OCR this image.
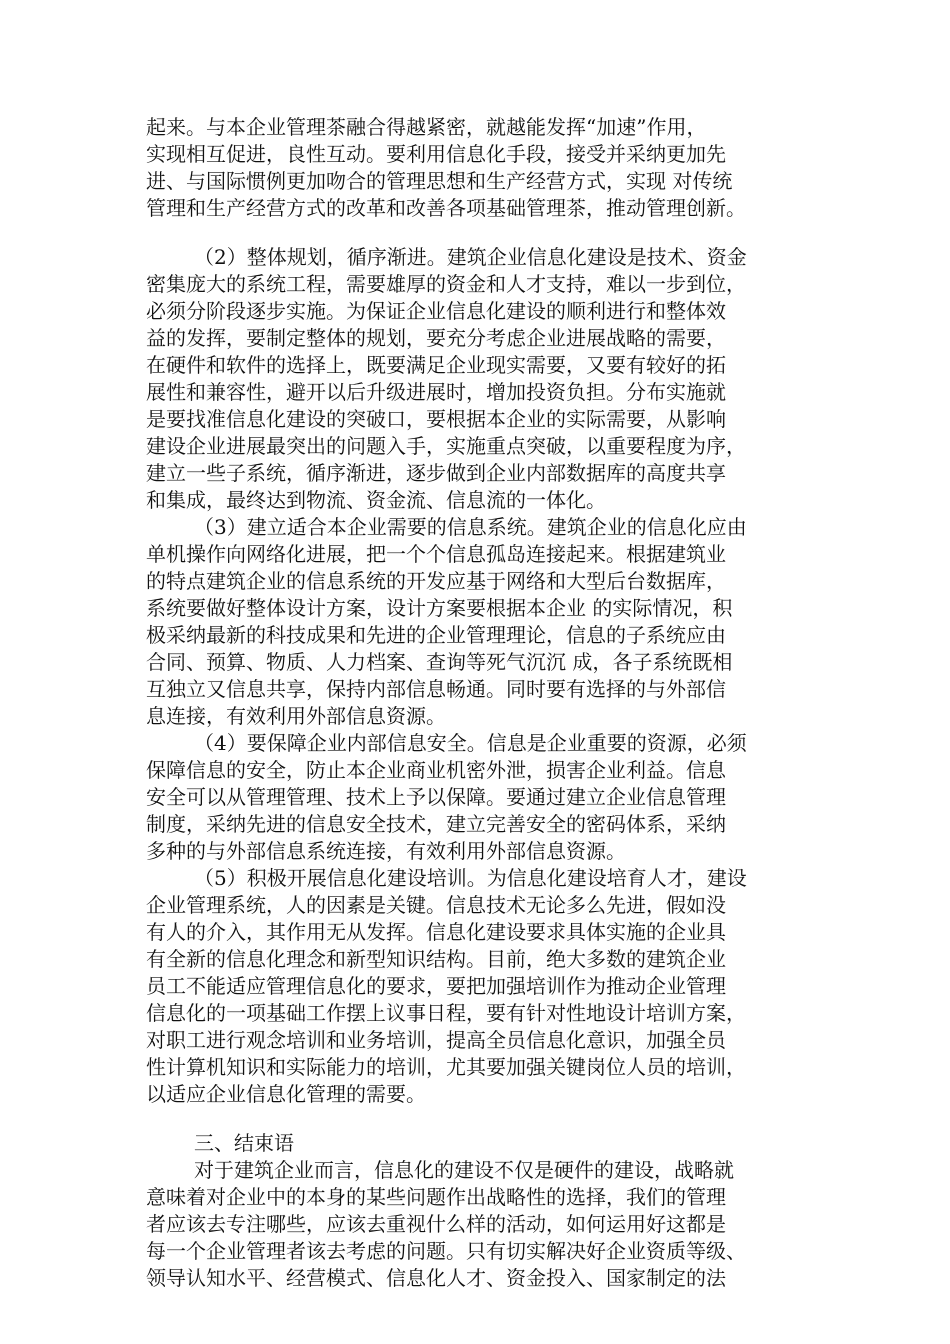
起来。与本企业管理茶融合得越紧密，就越能发挥“加速”作用，
实现相互促进，良性互动。要利用信息化手段，接受并采纳更加先
进、与国际惯例更加吻合的管理思想和生产经营方式，实现 对传统
管理和生产经营方式的改革和改善各项基础管理茶，推动管理创新。
（2）整体规划，循序渐进。建筑企业信息化建设是技术、资金
密集庞大的系统工程，需要雄厚的资金和人才支持，难以一步到位，
必须分阶段逐步实施。为保证企业信息化建设的顺利进行和整体效
益的发挥，要制定整体的规划，要充分考虑企业进展战略的需要，
在硬件和软件的选择上，既要满足企业现实需要，又要有较好的拓
展性和兼容性，避开以后升级进展时，增加投资负担。分布实施就
是要找准信息化建设的突破口，要根据本企业的实际需要，从影响
建设企业进展最突出的问题入手，实施重点突破，以重要程度为序，
建立一些子系统，循序渐进，逐步做到企业内部数据库的高度共享
和集成，最终达到物流、资金流、信息流的一体化。
（3）建立适合本企业需要的信息系统。建筑企业的信息化应由
单机操作向网络化进展，把一个个信息孤岛连接起来。根据建筑业
的特点建筑企业的信息系统的开发应基于网络和大型后台数据库，
系统要做好整体设计方案，设计方案要根据本企业 的实际情况，积
极采纳最新的科技成果和先进的企业管理理论，信息的子系统应由
合同、预算、物质、人力档案、查询等死气沉沉 成，各子系统既相
互独立又信息共享，保持内部信息畅通。同时要有选择的与外部信
息连接，有效利用外部信息资源。
（4）要保障企业内部信息安全。信息是企业重要的资源，必须
保障信息的安全，防止本企业商业机密外泄，损害企业利益。信息
安全可以从管理管理、技术上予以保障。要通过建立企业信息管理
制度，采纳先进的信息安全技术，建立完善安全的密码体系，采纳
多种的与外部信息系统连接，有效利用外部信息资源。
（5）积极开展信息化建设培训。为信息化建设培育人才，建设
企业管理系统，人的因素是关键。信息技术无论多么先进，假如没
有人的介入，其作用无从发挥。信息化建设要求具体实施的企业具
有全新的信息化理念和新型知识结构。目前，绝大多数的建筑企业
员工不能适应管理信息化的要求，要把加强培训作为推动企业管理
信息化的一项基础工作摆上议事日程，要有针对性地设计培训方案，
对职工进行观念培训和业务培训，提高全员信息化意识，加强全员
性计算机知识和实际能力的培训，尤其要加强关键岗位人员的培训，
以适应企业信息化管理的需要。
三、结束语
对于建筑企业而言，信息化的建设不仅是硬件的建设，战略就
意味着对企业中的本身的某些问题作出战略性的选择，我们的管理
者应该去专注哪些，应该去重视什么样的活动，如何运用好这都是
每一个企业管理者该去考虑的问题。只有切实解决好企业资质等级、
领导认知水平、经营模式、信息化人才、资金投入、国家制定的法
